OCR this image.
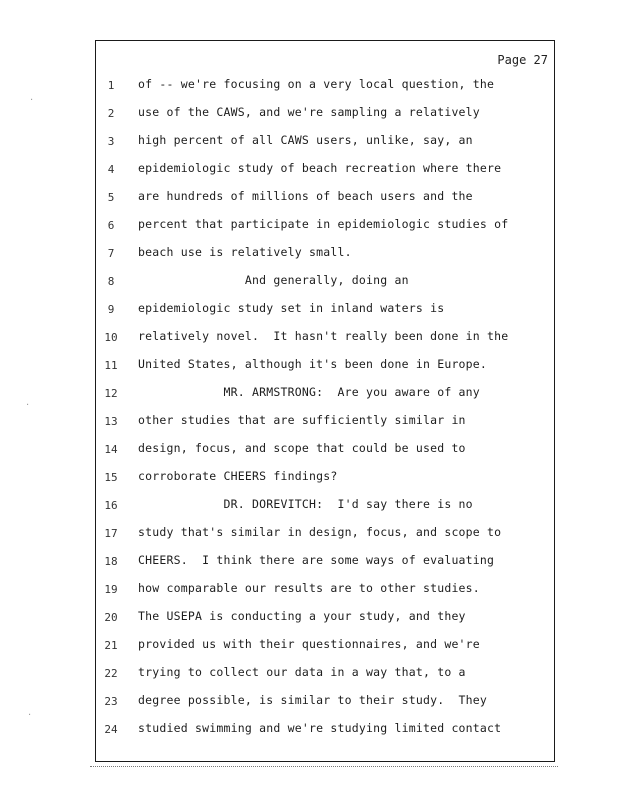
Page 27
1	of -- we're focusing on a very local question, the
2	use of the CAWS, and we're sampling a relatively
3	high percent of all CAWS users, unlike, say, an
4	epidemiologic study of beach recreation where there
5	are hundreds of millions of beach users and the
6	percent that participate in epidemiologic studies of
7	beach use is relatively small.
8	And generally, doing an
9	epidemiologic study set in inland waters is
10	relatively novel.  It hasn't really been done in the
11	United States, although it's been done in Europe.
12	MR. ARMSTRONG:  Are you aware of any
13	other studies that are sufficiently similar in
14	design, focus, and scope that could be used to
15	corroborate CHEERS findings?
16	DR. DOREVITCH:  I'd say there is no
17	study that's similar in design, focus, and scope to
18	CHEERS.  I think there are some ways of evaluating
19	how comparable our results are to other studies.
20	The USEPA is conducting a your study, and they
21	provided us with their questionnaires, and we're
22	trying to collect our data in a way that, to a
23	degree possible, is similar to their study.  They
24	studied swimming and we're studying limited contact
·
·
·
